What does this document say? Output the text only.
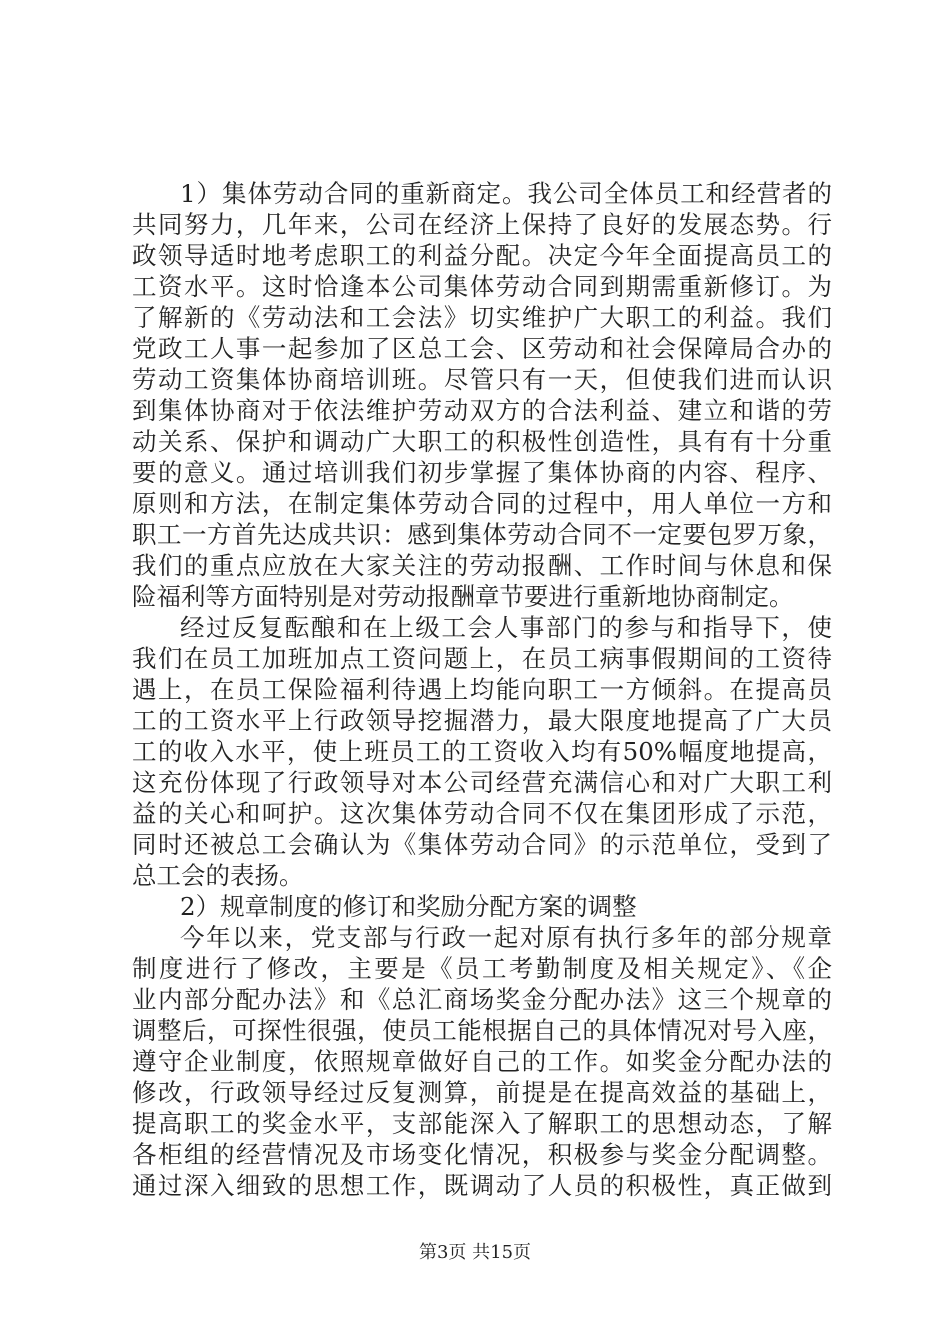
1）集体劳动合同的重新商定。我公司全体员工和经营者的
共同努力，几年来，公司在经济上保持了良好的发展态势。行
政领导适时地考虑职工的利益分配。决定今年全面提高员工的
工资水平。这时恰逢本公司集体劳动合同到期需重新修订。为
了解新的《劳动法和工会法》切实维护广大职工的利益。我们
党政工人事一起参加了区总工会、区劳动和社会保障局合办的
劳动工资集体协商培训班。尽管只有一天，但使我们进而认识
到集体协商对于依法维护劳动双方的合法利益、建立和谐的劳
动关系、保护和调动广大职工的积极性创造性，具有有十分重
要的意义。通过培训我们初步掌握了集体协商的内容、程序、
原则和方法，在制定集体劳动合同的过程中，用人单位一方和
职工一方首先达成共识：感到集体劳动合同不一定要包罗万象，
我们的重点应放在大家关注的劳动报酬、工作时间与休息和保
险福利等方面特别是对劳动报酬章节要进行重新地协商制定。
经过反复酝酿和在上级工会人事部门的参与和指导下，使
我们在员工加班加点工资问题上，在员工病事假期间的工资待
遇上，在员工保险福利待遇上均能向职工一方倾斜。在提高员
工的工资水平上行政领导挖掘潜力，最大限度地提高了广大员
工的收入水平，使上班员工的工资收入均有50%幅度地提高，
这充份体现了行政领导对本公司经营充满信心和对广大职工利
益的关心和呵护。这次集体劳动合同不仅在集团形成了示范，
同时还被总工会确认为《集体劳动合同》的示范单位，受到了
总工会的表扬。
2）规章制度的修订和奖励分配方案的调整
今年以来，党支部与行政一起对原有执行多年的部分规章
制度进行了修改，主要是《员工考勤制度及相关规定》、《企
业内部分配办法》和《总汇商场奖金分配办法》这三个规章的
调整后，可探性很强，使员工能根据自己的具体情况对号入座，
遵守企业制度，依照规章做好自己的工作。如奖金分配办法的
修改，行政领导经过反复测算，前提是在提高效益的基础上，
提高职工的奖金水平，支部能深入了解职工的思想动态，了解
各柜组的经营情况及市场变化情况，积极参与奖金分配调整。
通过深入细致的思想工作，既调动了人员的积极性，真正做到
第3页 共15页
